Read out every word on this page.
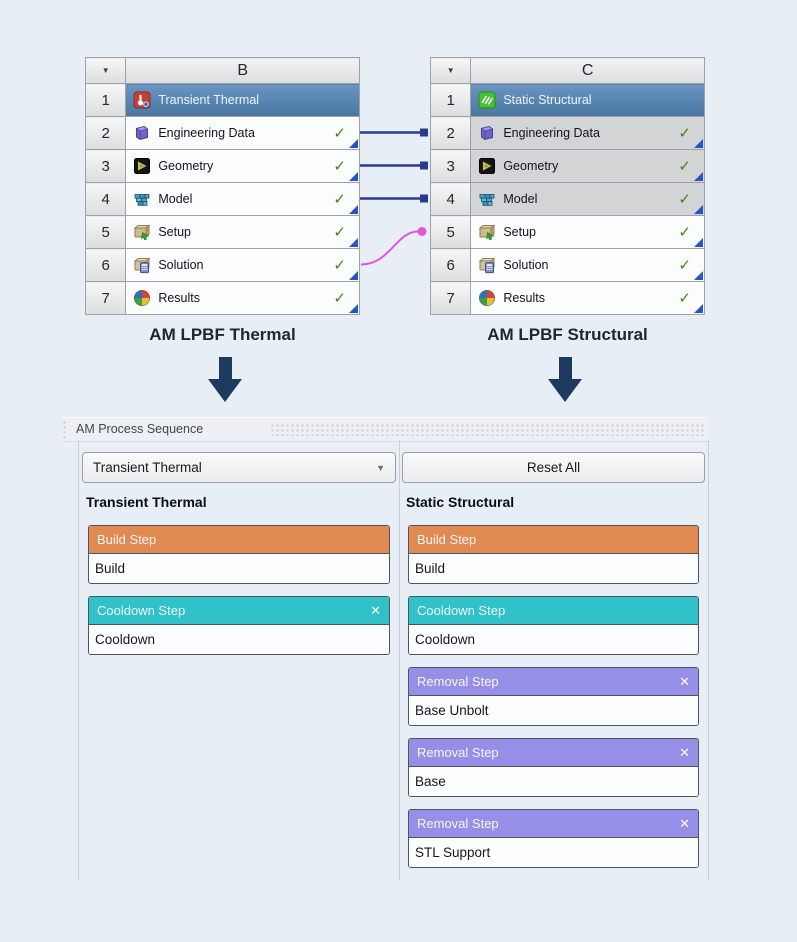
▼	B
1	Transient Thermal

2	Engineering Data ✓

3	Geometry ✓

4	Model ✓

5	Setup ✓

6	Solution ✓

7	Results ✓
▼	C
1	Static Structural

2	Engineering Data ✓

3	Geometry ✓

4	Model ✓

5	Setup ✓

6	Solution ✓

7	Results ✓
AM LPBF Thermal	AM LPBF Structural
AM Process Sequence
Transient Thermal	▼
Transient Thermal
Build Step
Build
Cooldown Step	✕
Cooldown
Reset All
Static Structural
Build Step
Build
Cooldown Step
Cooldown
Removal Step	✕
Base Unbolt
Removal Step	✕
Base
Removal Step	✕
STL Support
